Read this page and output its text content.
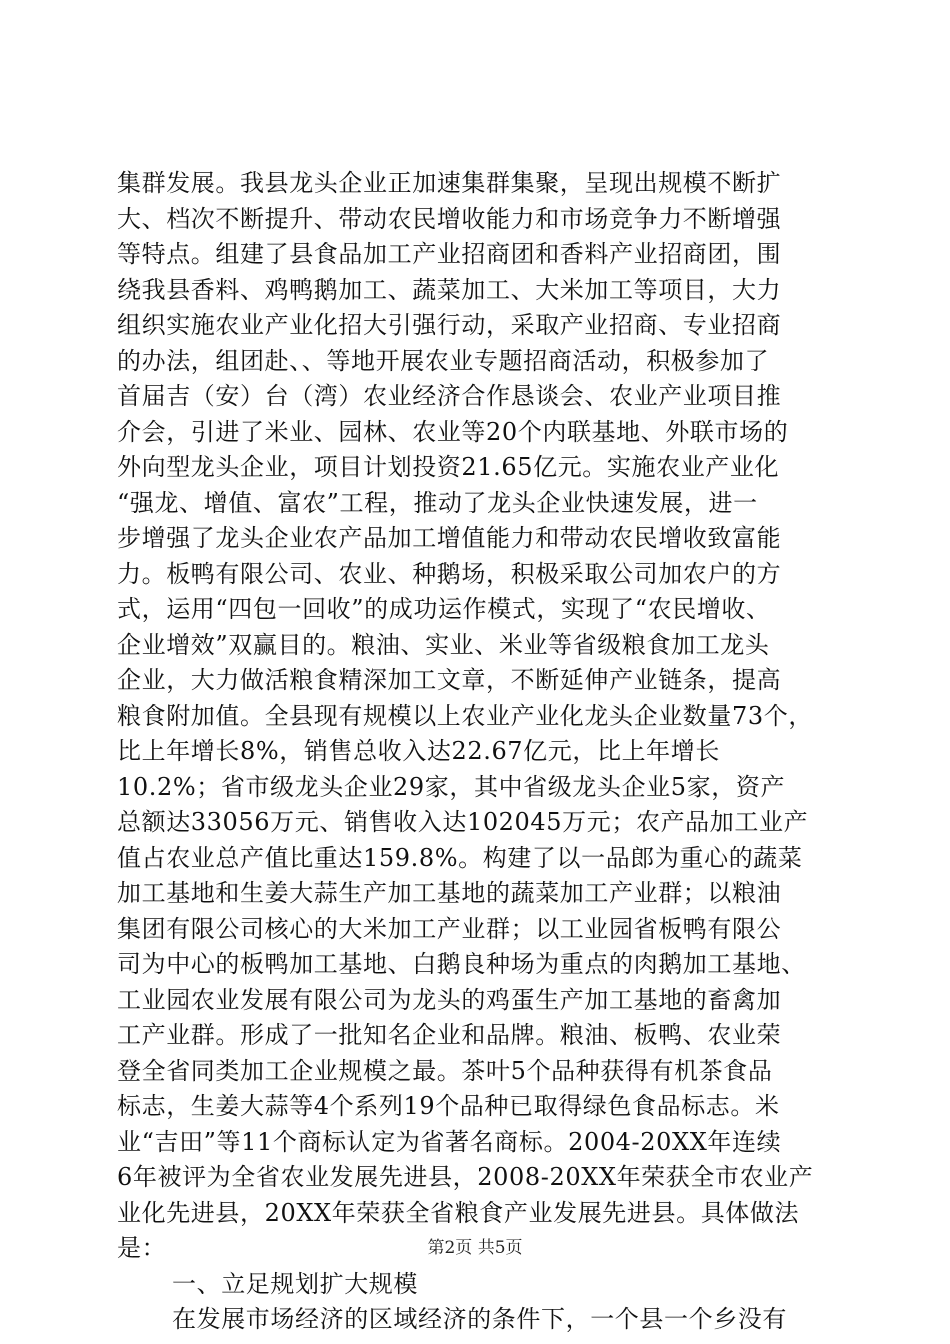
集群发展。我县龙头企业正加速集群集聚，呈现出规模不断扩
大、档次不断提升、带动农民增收能力和市场竞争力不断增强
等特点。组建了县食品加工产业招商团和香料产业招商团，围
绕我县香料、鸡鸭鹅加工、蔬菜加工、大米加工等项目，大力
组织实施农业产业化招大引强行动，采取产业招商、专业招商
的办法，组团赴、、等地开展农业专题招商活动，积极参加了
首届吉（安）台（湾）农业经济合作恳谈会、农业产业项目推
介会，引进了米业、园林、农业等20个内联基地、外联市场的
外向型龙头企业，项目计划投资21.65亿元。实施农业产业化
“强龙、增值、富农”工程，推动了龙头企业快速发展，进一
步增强了龙头企业农产品加工增值能力和带动农民增收致富能
力。板鸭有限公司、农业、种鹅场，积极采取公司加农户的方
式，运用“四包一回收”的成功运作模式，实现了“农民增收、
企业增效”双赢目的。粮油、实业、米业等省级粮食加工龙头
企业，大力做活粮食精深加工文章，不断延伸产业链条，提高
粮食附加值。全县现有规模以上农业产业化龙头企业数量73个，
比上年增长8%，销售总收入达22.67亿元，比上年增长
10.2%；省市级龙头企业29家，其中省级龙头企业5家，资产
总额达33056万元、销售收入达102045万元；农产品加工业产
值占农业总产值比重达159.8%。构建了以一品郎为重心的蔬菜
加工基地和生姜大蒜生产加工基地的蔬菜加工产业群；以粮油
集团有限公司核心的大米加工产业群；以工业园省板鸭有限公
司为中心的板鸭加工基地、白鹅良种场为重点的肉鹅加工基地、
工业园农业发展有限公司为龙头的鸡蛋生产加工基地的畜禽加
工产业群。形成了一批知名企业和品牌。粮油、板鸭、农业荣
登全省同类加工企业规模之最。茶叶5个品种获得有机茶食品
标志，生姜大蒜等4个系列19个品种已取得绿色食品标志。米
业“吉田”等11个商标认定为省著名商标。2004-20XX年连续
6年被评为全省农业发展先进县，2008-20XX年荣获全市农业产
业化先进县，20XX年荣获全省粮食产业发展先进县。具体做法
是：
一、立足规划扩大规模
在发展市场经济的区域经济的条件下，一个县一个乡没有
第2页 共5页
